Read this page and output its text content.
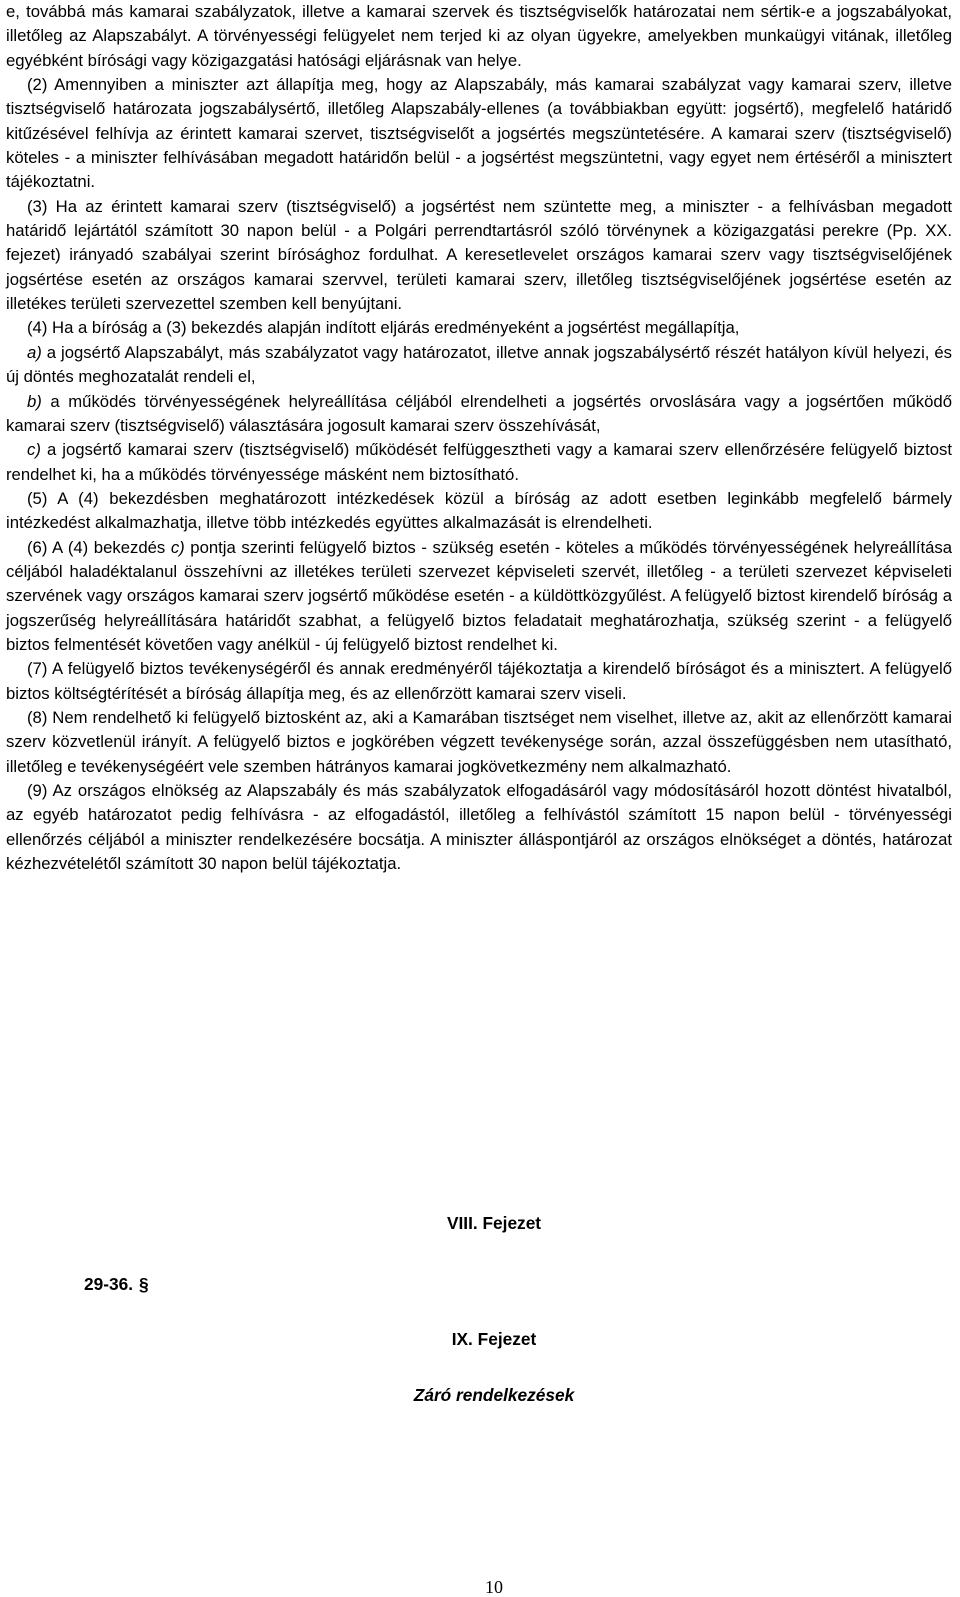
e, továbbá más kamarai szabályzatok, illetve a kamarai szervek és tisztségviselők határozatai nem sértik-e a jogszabályokat, illetőleg az Alapszabályt. A törvényességi felügyelet nem terjed ki az olyan ügyekre, amelyekben munkaügyi vitának, illetőleg egyébként bírósági vagy közigazgatási hatósági eljárásnak van helye.

(2) Amennyiben a miniszter azt állapítja meg, hogy az Alapszabály, más kamarai szabályzat vagy kamarai szerv, illetve tisztségviselő határozata jogszabálysértő, illetőleg Alapszabály-ellenes (a továbbiakban együtt: jogsértő), megfelelő határidő kitűzésével felhívja az érintett kamarai szervet, tisztségviselőt a jogsértés megszüntetésére. A kamarai szerv (tisztségviselő) köteles - a miniszter felhívásában megadott határidőn belül - a jogsértést megszüntetni, vagy egyet nem értéséről a minisztert tájékoztatni.

(3) Ha az érintett kamarai szerv (tisztségviselő) a jogsértést nem szüntette meg, a miniszter - a felhívásban megadott határidő lejártától számított 30 napon belül - a Polgári perrendtartásról szóló törvénynek a közigazgatási perekre (Pp. XX. fejezet) irányadó szabályai szerint bírósághoz fordulhat. A keresetlevelet országos kamarai szerv vagy tisztségviselőjének jogsértése esetén az országos kamarai szervvel, területi kamarai szerv, illetőleg tisztségviselőjének jogsértése esetén az illetékes területi szervezettel szemben kell benyújtani.

(4) Ha a bíróság a (3) bekezdés alapján indított eljárás eredményeként a jogsértést megállapítja,

a) a jogsértő Alapszabályt, más szabályzatot vagy határozatot, illetve annak jogszabálysértő részét hatályon kívül helyezi, és új döntés meghozatalát rendeli el,

b) a működés törvényességének helyreállítása céljából elrendelheti a jogsértés orvoslására vagy a jogsértően működő kamarai szerv (tisztségviselő) választására jogosult kamarai szerv összehívását,

c) a jogsértő kamarai szerv (tisztségviselő) működését felfüggesztheti vagy a kamarai szerv ellenőrzésére felügyelő biztost rendelhet ki, ha a működés törvényessége másként nem biztosítható.

(5) A (4) bekezdésben meghatározott intézkedések közül a bíróság az adott esetben leginkább megfelelő bármely intézkedést alkalmazhatja, illetve több intézkedés együttes alkalmazását is elrendelheti.

(6) A (4) bekezdés c) pontja szerinti felügyelő biztos - szükség esetén - köteles a működés törvényességének helyreállítása céljából haladéktalanul összehívni az illetékes területi szervezet képviseleti szervét, illetőleg - a területi szervezet képviseleti szervének vagy országos kamarai szerv jogsértő működése esetén - a küldöttközgyűlést. A felügyelő biztost kirendelő bíróság a jogszerűség helyreállítására határidőt szabhat, a felügyelő biztos feladatait meghatározhatja, szükség szerint - a felügyelő biztos felmentését követően vagy anélkül - új felügyelő biztost rendelhet ki.

(7) A felügyelő biztos tevékenységéről és annak eredményéről tájékoztatja a kirendelő bíróságot és a minisztert. A felügyelő biztos költségtérítését a bíróság állapítja meg, és az ellenőrzött kamarai szerv viseli.

(8) Nem rendelhető ki felügyelő biztosként az, aki a Kamarában tisztséget nem viselhet, illetve az, akit az ellenőrzött kamarai szerv közvetlenül irányít. A felügyelő biztos e jogkörében végzett tevékenysége során, azzal összefüggésben nem utasítható, illetőleg e tevékenységéért vele szemben hátrányos kamarai jogkövetkezmény nem alkalmazható.

(9) Az országos elnökség az Alapszabály és más szabályzatok elfogadásáról vagy módosításáról hozott döntést hivatalból, az egyéb határozatot pedig felhívásra - az elfogadástól, illetőleg a felhívástól számított 15 napon belül - törvényességi ellenőrzés céljából a miniszter rendelkezésére bocsátja. A miniszter álláspontjáról az országos elnökséget a döntés, határozat kézhezvételétől számított 30 napon belül tájékoztatja.

VIII. Fejezet
29-36. §
IX. Fejezet
Záró rendelkezések
10
